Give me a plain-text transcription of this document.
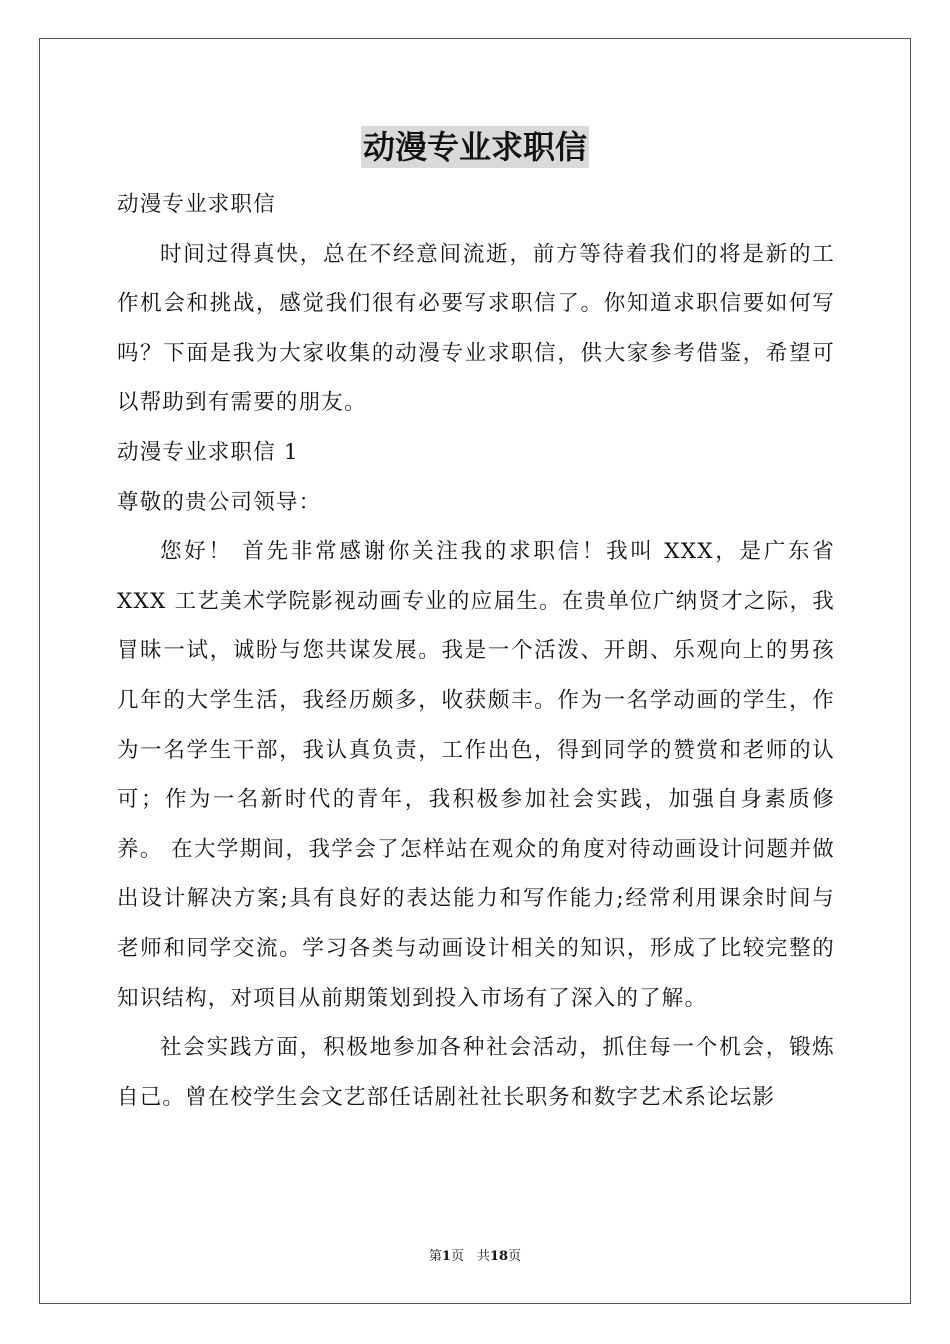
动漫专业求职信

动漫专业求职信

时间过得真快，总在不经意间流逝，前方等待着我们的将是新的工作机会和挑战，感觉我们很有必要写求职信了。你知道求职信要如何写吗？下面是我为大家收集的动漫专业求职信，供大家参考借鉴，希望可以帮助到有需要的朋友。

动漫专业求职信 1

尊敬的贵公司领导：

您好！ 首先非常感谢你关注我的求职信！我叫 XXX，是广东省 XXX 工艺美术学院影视动画专业的应届生。在贵单位广纳贤才之际，我冒昧一试，诚盼与您共谋发展。我是一个活泼、开朗、乐观向上的男孩几年的大学生活，我经历颇多，收获颇丰。作为一名学动画的学生，作为一名学生干部，我认真负责，工作出色，得到同学的赞赏和老师的认可；作为一名新时代的青年，我积极参加社会实践，加强自身素质修养。 在大学期间，我学会了怎样站在观众的角度对待动画设计问题并做出设计解决方案;具有良好的表达能力和写作能力;经常利用课余时间与老师和同学交流。学习各类与动画设计相关的知识，形成了比较完整的知识结构，对项目从前期策划到投入市场有了深入的了解。

社会实践方面，积极地参加各种社会活动，抓住每一个机会，锻炼自己。曾在校学生会文艺部任话剧社社长职务和数字艺术系论坛影

第1页　共18页
